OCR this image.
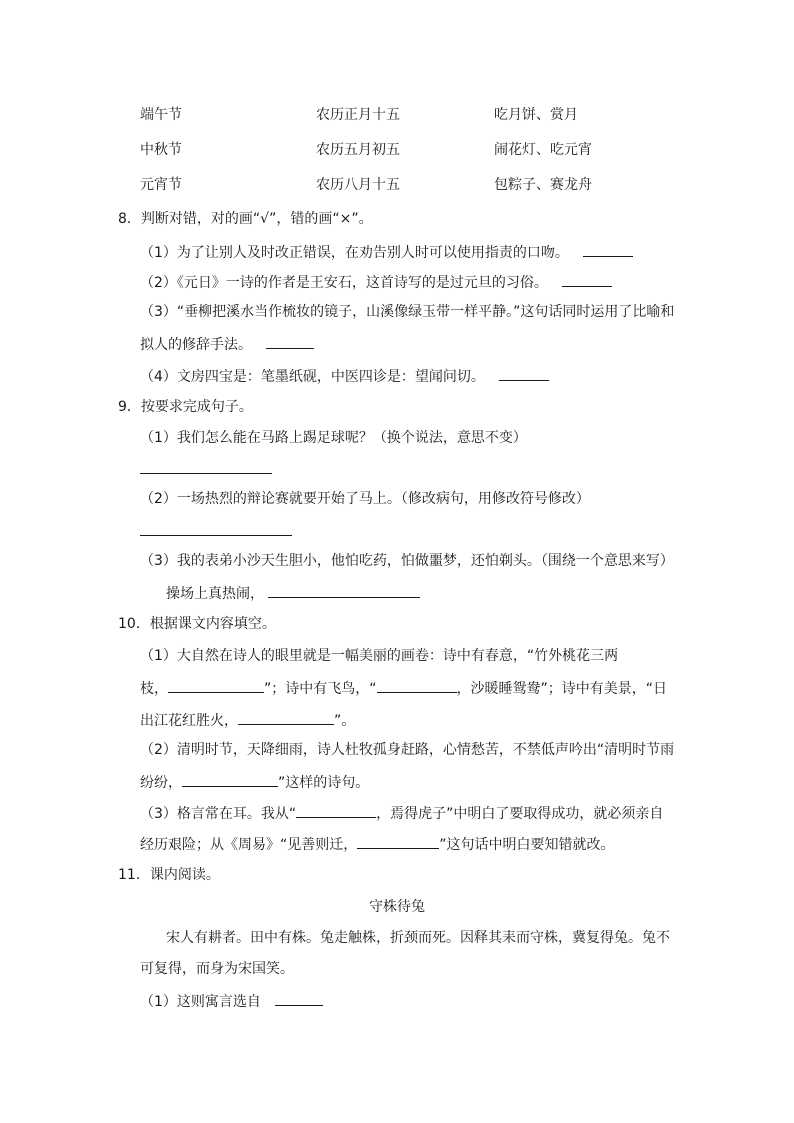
端午节	农历正月十五	吃月饼、赏月
中秋节	农历五月初五	闹花灯、吃元宵
元宵节	农历八月十五	包粽子、赛龙舟
8．判断对错，对的画“√”，错的画“×”。
（1）为了让别人及时改正错误，在劝告别人时可以使用指责的口吻。
（2）《元日》一诗的作者是王安石，这首诗写的是过元旦的习俗。
（3）“垂柳把溪水当作梳妆的镜子，山溪像绿玉带一样平静。”这句话同时运用了比喻和
拟人的修辞手法。
（4）文房四宝是：笔墨纸砚，中医四诊是：望闻问切。
9．按要求完成句子。
（1）我们怎么能在马路上踢足球呢？（换个说法，意思不变）
（2）一场热烈的辩论赛就要开始了马上。（修改病句，用修改符号修改）
（3）我的表弟小沙天生胆小，他怕吃药，怕做噩梦，还怕剃头。（围绕一个意思来写）
操场上真热闹，
10．根据课文内容填空。
（1）大自然在诗人的眼里就是一幅美丽的画卷：诗中有春意，“竹外桃花三两
枝，	”；诗中有飞鸟，“	，沙暖睡鸳鸯”；诗中有美景，“日
出江花红胜火，	”。
（2）清明时节，天降细雨，诗人杜牧孤身赶路，心情愁苦，不禁低声吟出“清明时节雨
纷纷，	”这样的诗句。
（3）格言常在耳。我从“	，焉得虎子”中明白了要取得成功，就必须亲自
经历艰险；从《周易》“见善则迁，	”这句话中明白要知错就改。
11．课内阅读。
守株待兔
宋人有耕者。田中有株。兔走触株，折颈而死。因释其耒而守株，冀复得兔。兔不
可复得，而身为宋国笑。
（1）这则寓言选自
